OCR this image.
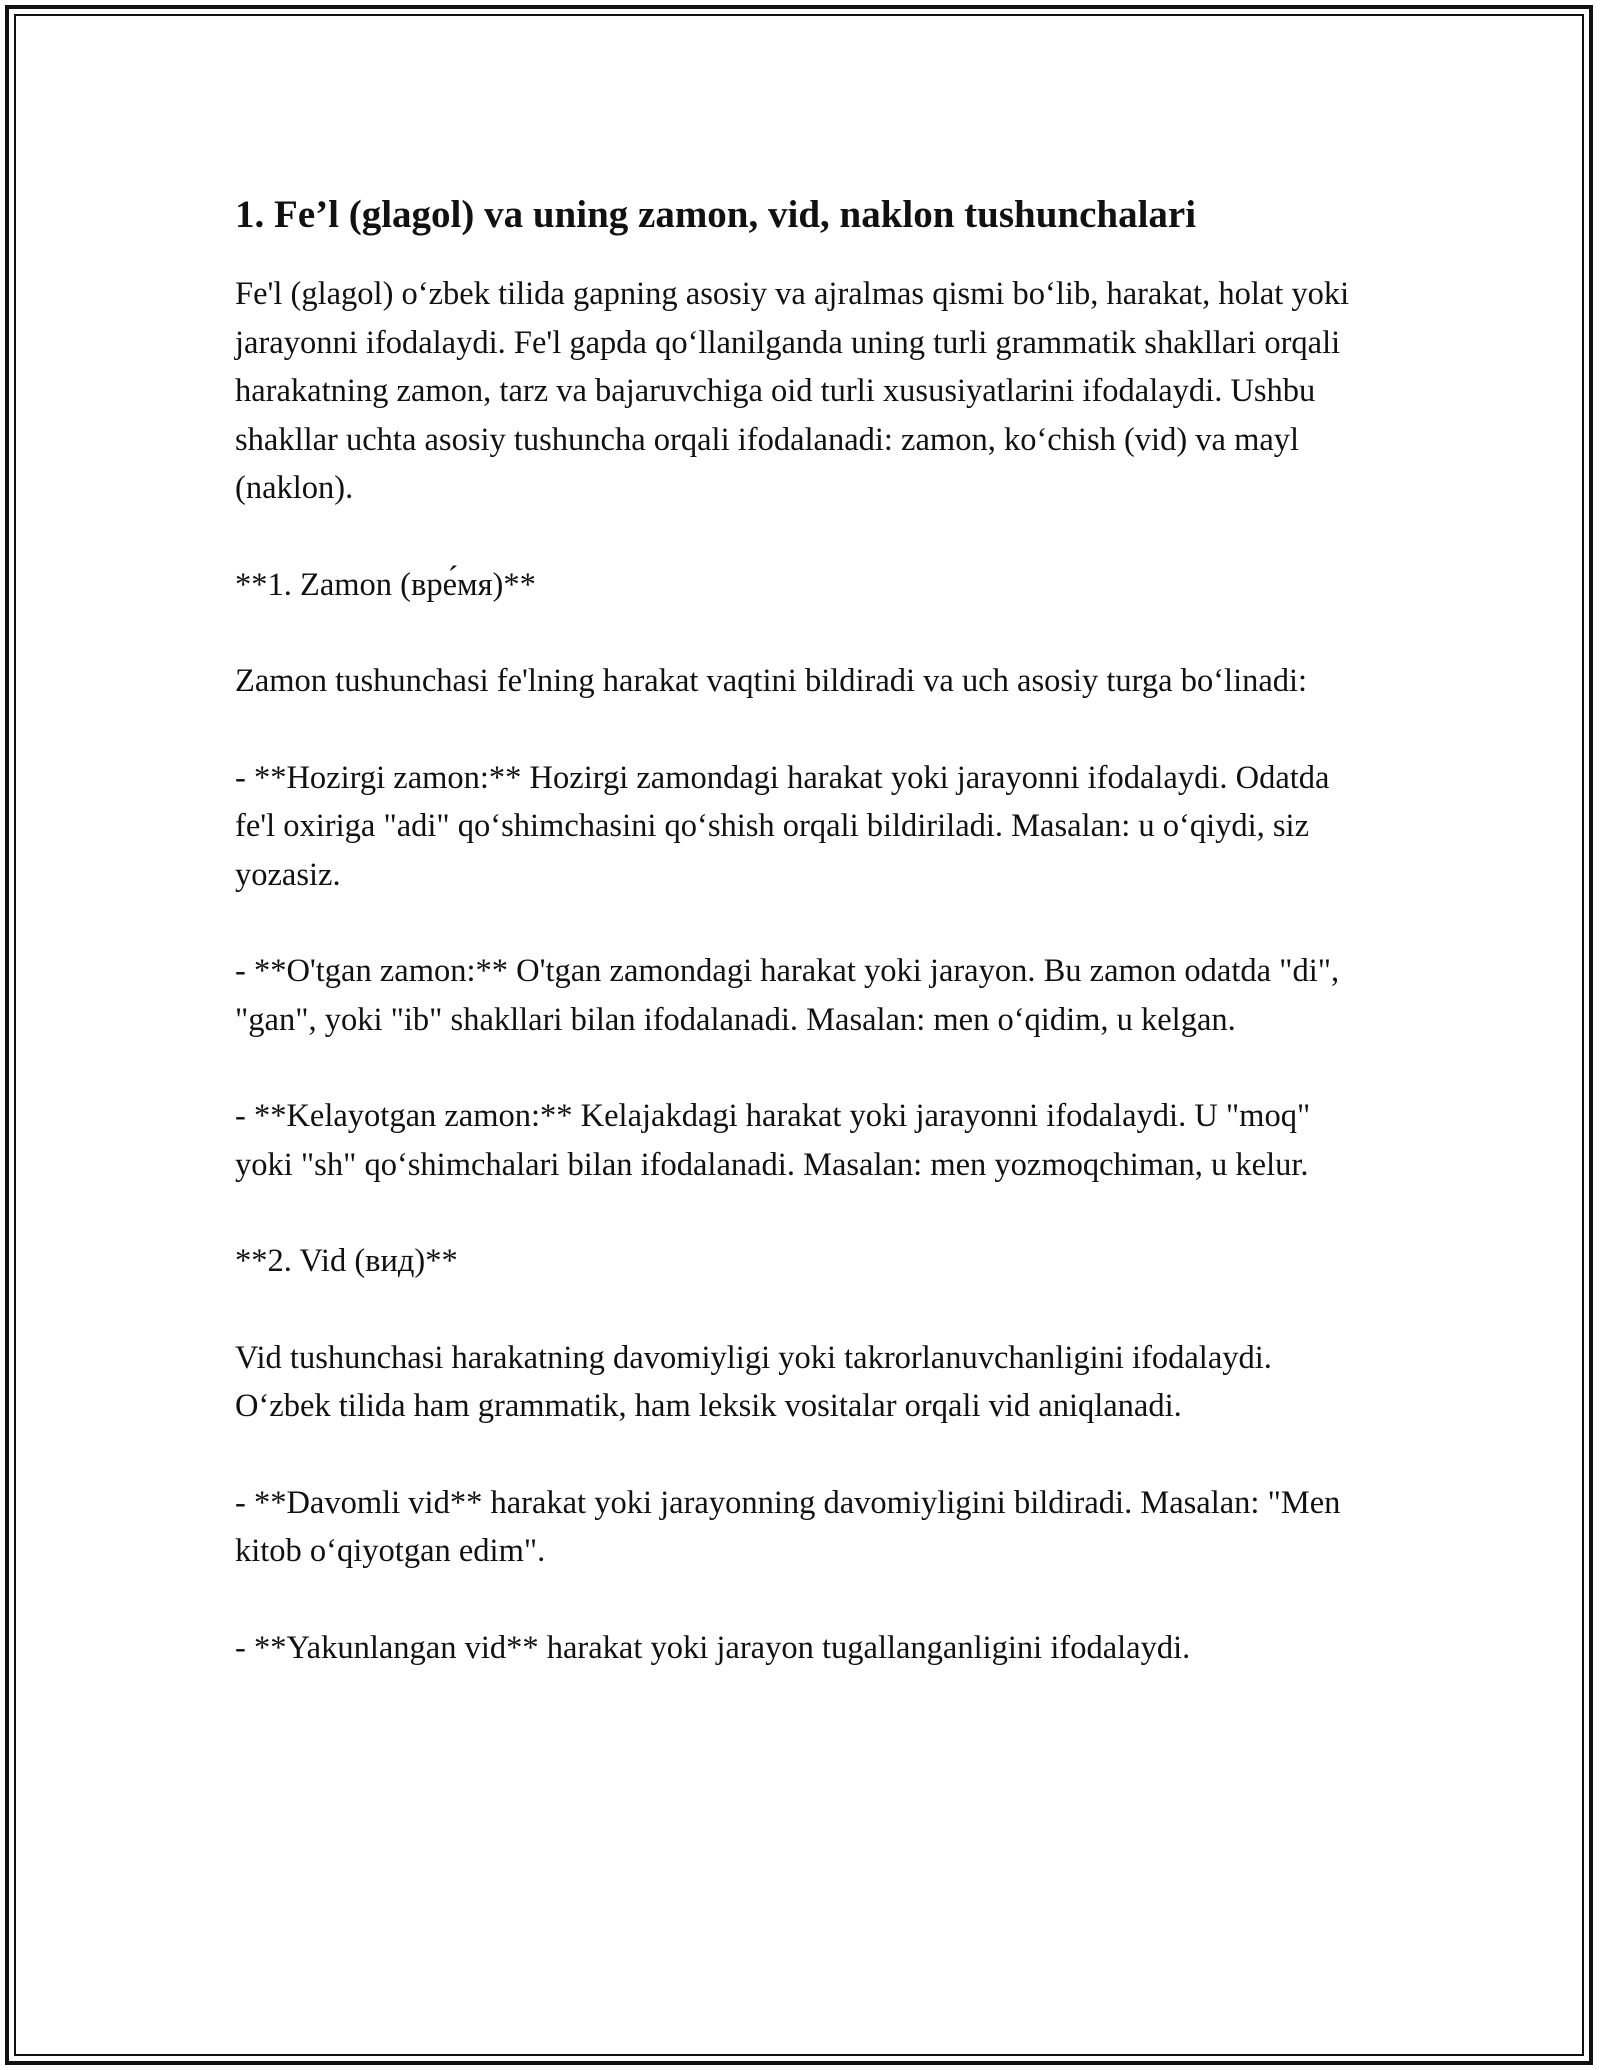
1. Fe’l (glagol) va uning zamon, vid, naklon tushunchalari

Fe'l (glagol) o‘zbek tilida gapning asosiy va ajralmas qismi bo‘lib, harakat, holat yoki jarayonni ifodalaydi. Fe'l gapda qo‘llanilganda uning turli grammatik shakllari orqali harakatning zamon, tarz va bajaruvchiga oid turli xususiyatlarini ifodalaydi. Ushbu shakllar uchta asosiy tushuncha orqali ifodalanadi: zamon, ko‘chish (vid) va mayl (naklon).

**1. Zamon (вре́мя)**

Zamon tushunchasi fe'lning harakat vaqtini bildiradi va uch asosiy turga bo‘linadi:

- **Hozirgi zamon:** Hozirgi zamondagi harakat yoki jarayonni ifodalaydi. Odatda fe'l oxiriga "adi" qo‘shimchasini qo‘shish orqali bildiriladi. Masalan: u o‘qiydi, siz yozasiz.

- **O'tgan zamon:** O'tgan zamondagi harakat yoki jarayon. Bu zamon odatda "di", "gan", yoki "ib" shakllari bilan ifodalanadi. Masalan: men o‘qidim, u kelgan.

- **Kelayotgan zamon:** Kelajakdagi harakat yoki jarayonni ifodalaydi. U "moq" yoki "sh" qo‘shimchalari bilan ifodalanadi. Masalan: men yozmoqchiman, u kelur.

**2. Vid (вид)**

Vid tushunchasi harakatning davomiyligi yoki takrorlanuvchanligini ifodalaydi. O‘zbek tilida ham grammatik, ham leksik vositalar orqali vid aniqlanadi.

- **Davomli vid** harakat yoki jarayonning davomiyligini bildiradi. Masalan: "Men kitob o‘qiyotgan edim".

- **Yakunlangan vid** harakat yoki jarayon tugallanganligini ifodalaydi.
